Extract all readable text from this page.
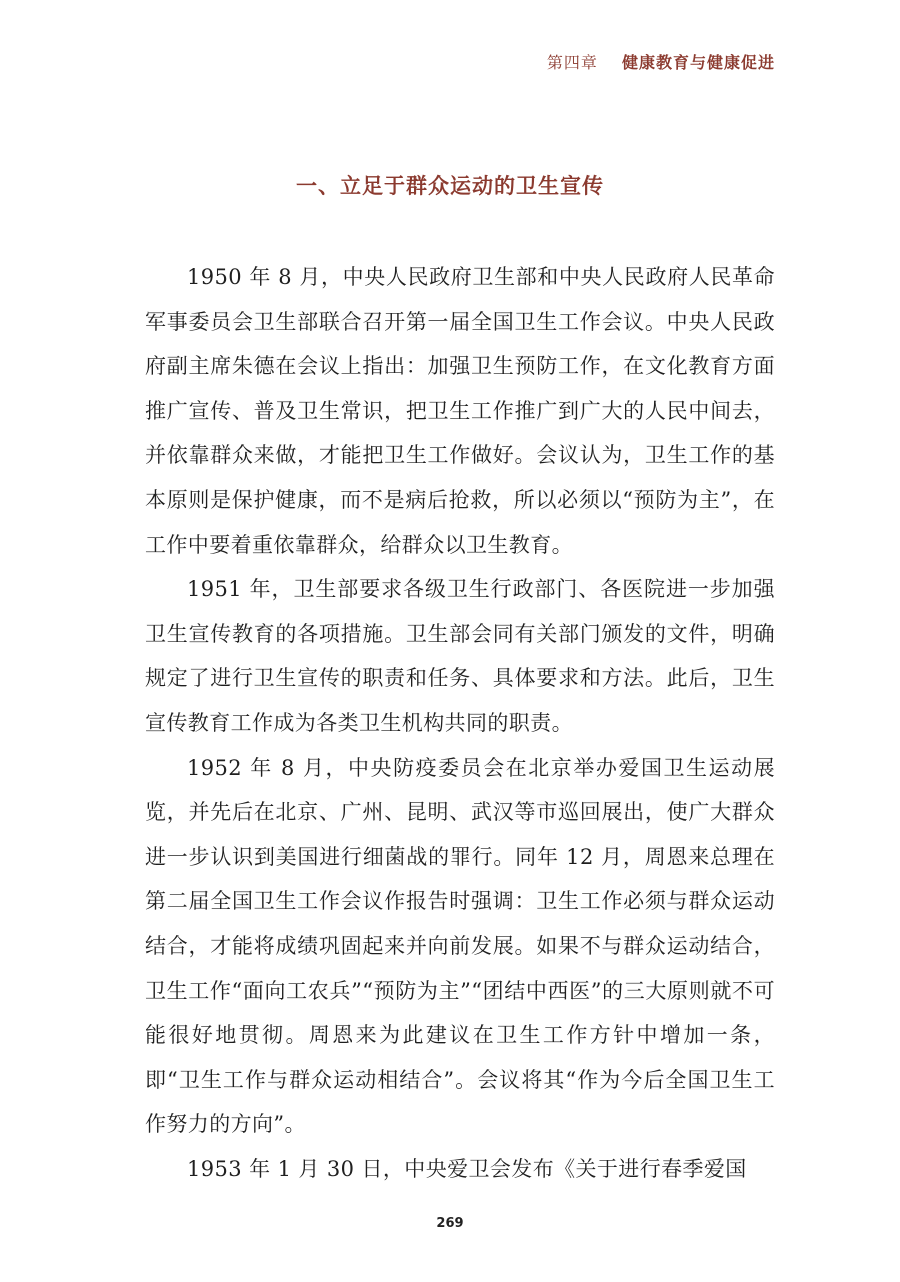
第四章 健康教育与健康促进
一、立足于群众运动的卫生宣传

1950 年 8 月，中央人民政府卫生部和中央人民政府人民革命军事委员会卫生部联合召开第一届全国卫生工作会议。中央人民政府副主席朱德在会议上指出：加强卫生预防工作，在文化教育方面推广宣传、普及卫生常识，把卫生工作推广到广大的人民中间去，并依靠群众来做，才能把卫生工作做好。会议认为，卫生工作的基本原则是保护健康，而不是病后抢救，所以必须以“预防为主”，在工作中要着重依靠群众，给群众以卫生教育。

1951 年，卫生部要求各级卫生行政部门、各医院进一步加强卫生宣传教育的各项措施。卫生部会同有关部门颁发的文件，明确规定了进行卫生宣传的职责和任务、具体要求和方法。此后，卫生宣传教育工作成为各类卫生机构共同的职责。

1952 年 8 月，中央防疫委员会在北京举办爱国卫生运动展览，并先后在北京、广州、昆明、武汉等市巡回展出，使广大群众进一步认识到美国进行细菌战的罪行。同年 12 月，周恩来总理在第二届全国卫生工作会议作报告时强调：卫生工作必须与群众运动结合，才能将成绩巩固起来并向前发展。如果不与群众运动结合，卫生工作“面向工农兵”“预防为主”“团结中西医”的三大原则就不可能很好地贯彻。周恩来为此建议在卫生工作方针中增加一条，即“卫生工作与群众运动相结合”。会议将其“作为今后全国卫生工作努力的方向”。

1953 年 1 月 30 日，中央爱卫会发布《关于进行春季爱国

269
